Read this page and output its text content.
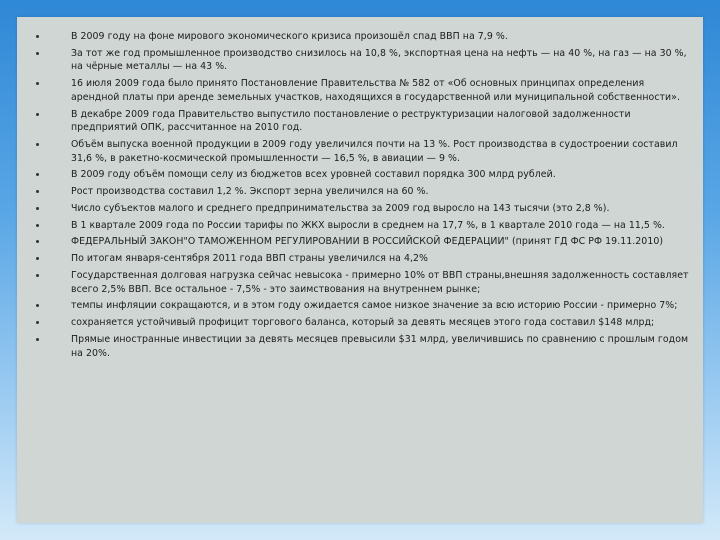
В 2009 году на фоне мирового экономического кризиса произошёл спад ВВП на 7,9 %.
За тот же год промышленное производство снизилось на 10,8 %, экспортная цена на нефть — на 40 %, на газ — на 30 %, на чёрные металлы — на 43 %.
16 июля 2009 года было принято Постановление Правительства № 582 от «Об основных принципах определения арендной платы при аренде земельных участков, находящихся в государственной или муниципальной собственности».
В декабре 2009 года Правительство выпустило постановление о реструктуризации налоговой задолженности предприятий ОПК, рассчитанное на 2010 год.
Объём выпуска военной продукции в 2009 году увеличился почти на 13 %. Рост производства в судостроении составил 31,6 %, в ракетно-космической промышленности — 16,5 %, в авиации — 9 %.
В 2009 году объём помощи селу из бюджетов всех уровней составил порядка 300 млрд рублей.
Рост производства составил 1,2 %. Экспорт зерна увеличился на 60 %.
Число субъектов малого и среднего предпринимательства за 2009 год выросло на 143 тысячи (это 2,8 %).
В 1 квартале 2009 года по России тарифы по ЖКХ выросли в среднем на 17,7 %, в 1 квартале 2010 года — на 11,5 %.
ФЕДЕРАЛЬНЫЙ ЗАКОН"О ТАМОЖЕННОМ РЕГУЛИРОВАНИИ В РОССИЙСКОЙ ФЕДЕРАЦИИ" (принят ГД ФС РФ 19.11.2010)
По итогам января-сентября 2011 года ВВП страны увеличился на 4,2%
Государственная долговая нагрузка сейчас невысока - примерно 10% от ВВП страны,внешняя задолженность составляет всего 2,5% ВВП. Все остальное - 7,5% - это заимствования на внутреннем рынке;
темпы инфляции сокращаются, и в этом году ожидается самое низкое значение за всю историю России - примерно 7%;
сохраняется устойчивый профицит торгового баланса, который за девять месяцев этого года составил $148 млрд;
Прямые иностранные инвестиции за девять месяцев превысили $31 млрд, увеличившись по сравнению с прошлым годом на 20%.
